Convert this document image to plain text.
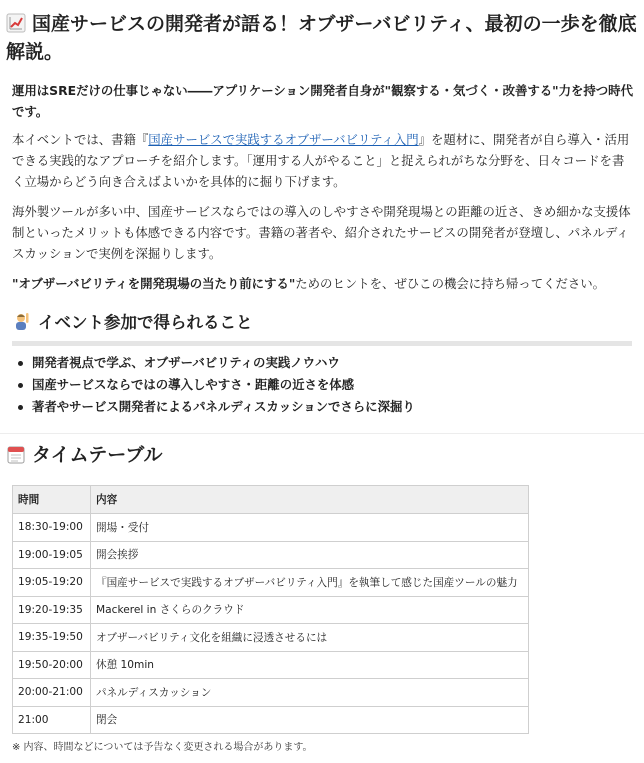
国産サービスの開発者が語る！オブザーバビリティ、最初の一歩を徹底解説。
運用はSREだけの仕事じゃない――アプリケーション開発者自身が"観察する・気づく・改善する"力を持つ時代です。
本イベントでは、書籍『国産サービスで実践するオブザーバビリティ入門』を題材に、開発者が自ら導入・活用できる実践的なアプローチを紹介します。「運用する人がやること」と捉えられがちな分野を、日々コードを書く立場からどう向き合えばよいかを具体的に掘り下げます。
海外製ツールが多い中、国産サービスならではの導入のしやすさや開発現場との距離の近さ、きめ細かな支援体制といったメリットも体感できる内容です。書籍の著者や、紹介されたサービスの開発者が登壇し、パネルディスカッションで実例を深掘りします。
"オブザーバビリティを開発現場の当たり前にする"ためのヒントを、ぜひこの機会に持ち帰ってください。
イベント参加で得られること
開発者視点で学ぶ、オブザーバビリティの実践ノウハウ
国産サービスならではの導入しやすさ・距離の近さを体感
著者やサービス開発者によるパネルディスカッションでさらに深掘り
タイムテーブル
時間	内容
18:30-19:00	開場・受付
19:00-19:05	開会挨拶
19:05-19:20	『国産サービスで実践するオブザーバビリティ入門』を執筆して感じた国産ツールの魅力
19:20-19:35	Mackerel in さくらのクラウド
19:35-19:50	オブザーバビリティ文化を組織に浸透させるには
19:50-20:00	休憩 10min
20:00-21:00	パネルディスカッション
21:00	閉会
※ 内容、時間などについては予告なく変更される場合があります。
